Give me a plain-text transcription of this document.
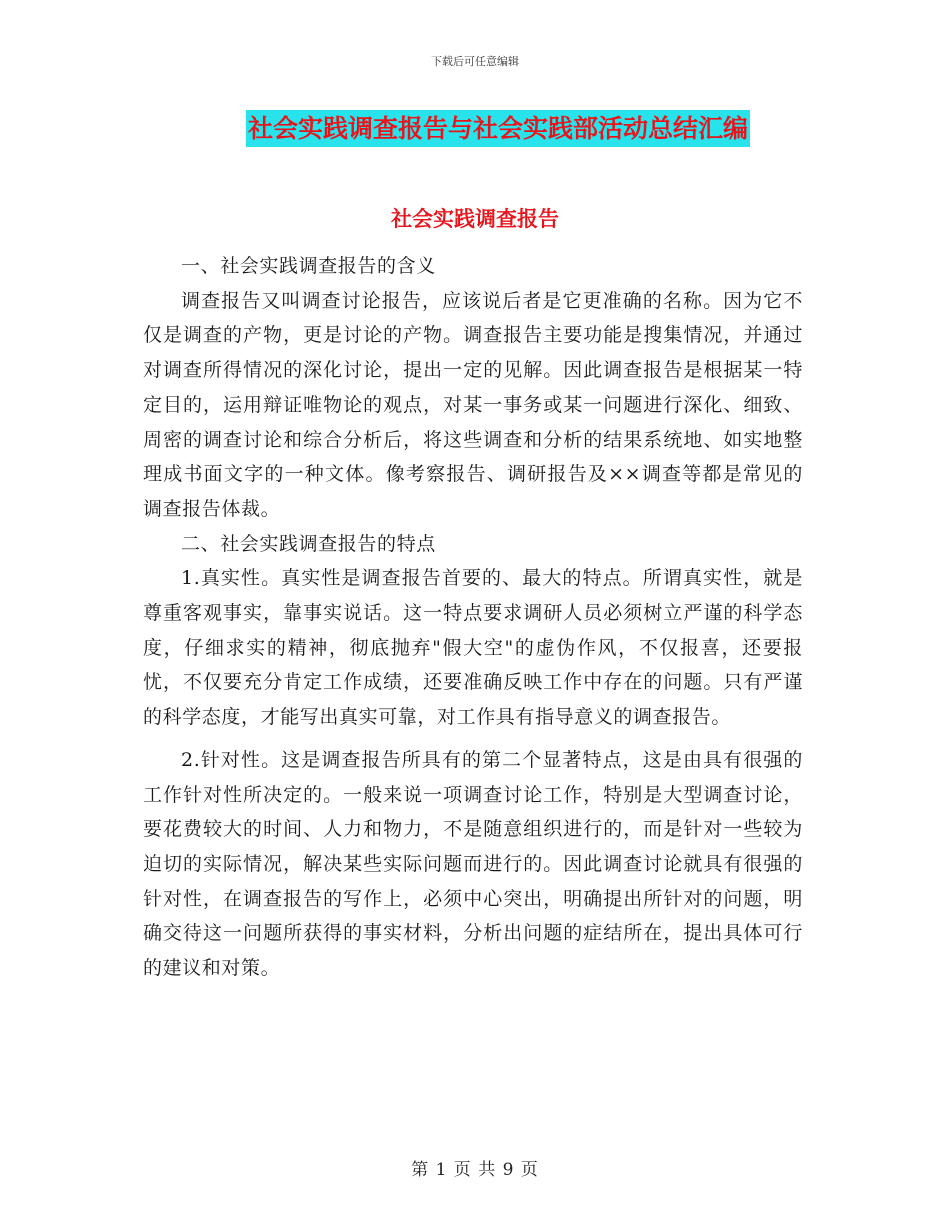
下载后可任意编辑
社会实践调查报告与社会实践部活动总结汇编
社会实践调查报告

一、社会实践调查报告的含义

调查报告又叫调查讨论报告，应该说后者是它更准确的名称。因为它不仅是调查的产物，更是讨论的产物。调查报告主要功能是搜集情况，并通过对调查所得情况的深化讨论，提出一定的见解。因此调查报告是根据某一特定目的，运用辩证唯物论的观点，对某一事务或某一问题进行深化、细致、周密的调查讨论和综合分析后，将这些调查和分析的结果系统地、如实地整理成书面文字的一种文体。像考察报告、调研报告及××调查等都是常见的调查报告体裁。

二、社会实践调查报告的特点

1.真实性。真实性是调查报告首要的、最大的特点。所谓真实性，就是尊重客观事实，靠事实说话。这一特点要求调研人员必须树立严谨的科学态度，仔细求实的精神，彻底抛弃"假大空"的虚伪作风，不仅报喜，还要报忧，不仅要充分肯定工作成绩，还要准确反映工作中存在的问题。只有严谨的科学态度，才能写出真实可靠，对工作具有指导意义的调查报告。

2.针对性。这是调查报告所具有的第二个显著特点，这是由具有很强的工作针对性所决定的。一般来说一项调查讨论工作，特别是大型调查讨论，要花费较大的时间、人力和物力，不是随意组织进行的，而是针对一些较为迫切的实际情况，解决某些实际问题而进行的。因此调查讨论就具有很强的针对性，在调查报告的写作上，必须中心突出，明确提出所针对的问题，明确交待这一问题所获得的事实材料，分析出问题的症结所在，提出具体可行的建议和对策。

第 1 页 共 9 页
